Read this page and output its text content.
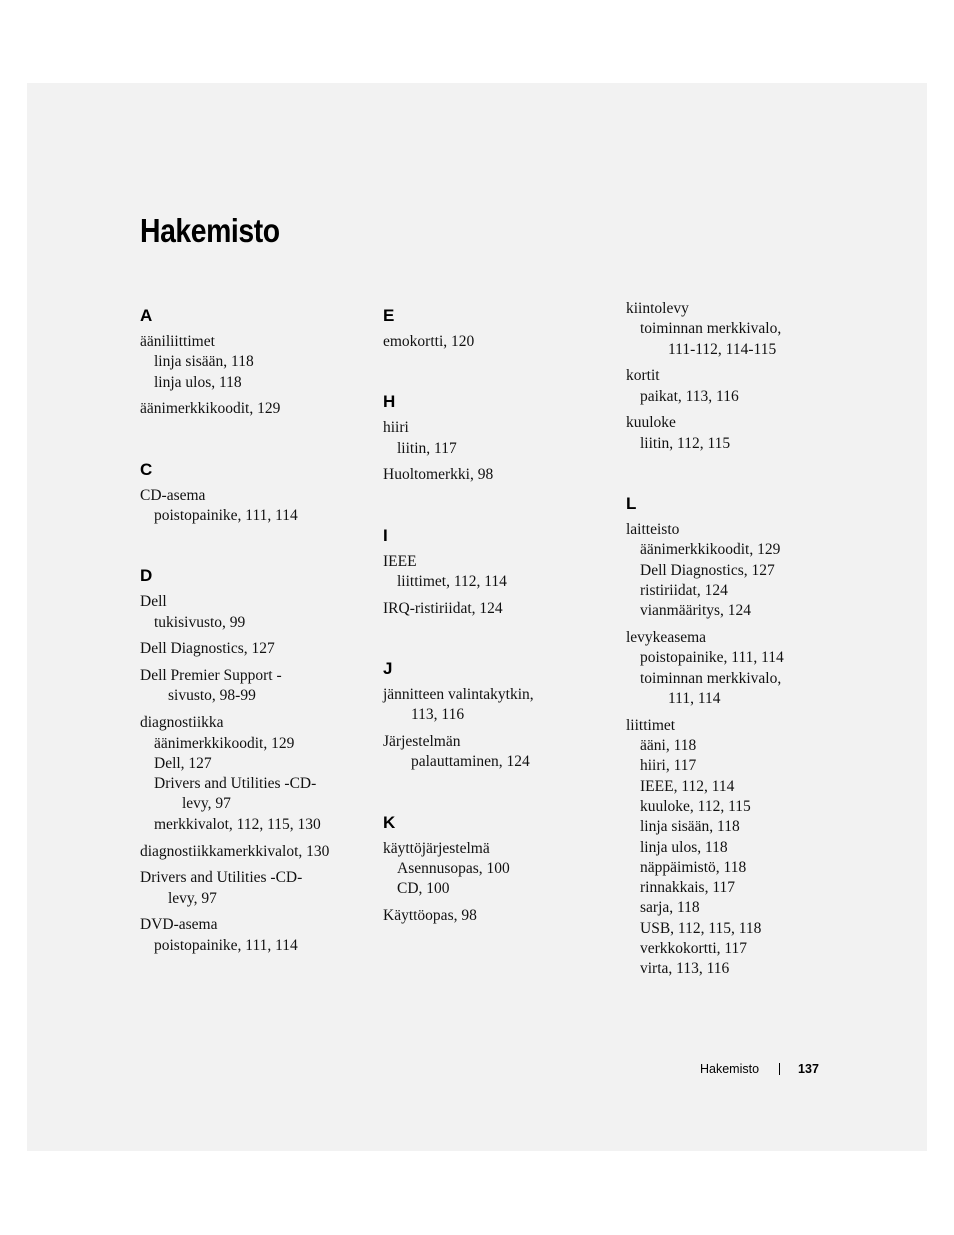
Hakemisto
A
ääniliittimet
linja sisään, 118
linja ulos, 118
äänimerkkikoodit, 129
C
CD-asema
poistopainike, 111, 114
D
Dell
tukisivusto, 99
Dell Diagnostics, 127
Dell Premier Support -
sivusto, 98-99
diagnostiikka
äänimerkkikoodit, 129
Dell, 127
Drivers and Utilities -CD-
levy, 97
merkkivalot, 112, 115, 130
diagnostiikkamerkkivalot, 130
Drivers and Utilities -CD-
levy, 97
DVD-asema
poistopainike, 111, 114
E
emokortti, 120
H
hiiri
liitin, 117
Huoltomerkki, 98
I
IEEE
liittimet, 112, 114
IRQ-ristiriidat, 124
J
jännitteen valintakytkin,
113, 116
Järjestelmän
palauttaminen, 124
K
käyttöjärjestelmä
Asennusopas, 100
CD, 100
Käyttöopas, 98
kiintolevy
toiminnan merkkivalo,
111-112, 114-115
kortit
paikat, 113, 116
kuuloke
liitin, 112, 115
L
laitteisto
äänimerkkikoodit, 129
Dell Diagnostics, 127
ristiriidat, 124
vianmääritys, 124
levykeasema
poistopainike, 111, 114
toiminnan merkkivalo,
111, 114
liittimet
ääni, 118
hiiri, 117
IEEE, 112, 114
kuuloke, 112, 115
linja sisään, 118
linja ulos, 118
näppäimistö, 118
rinnakkais, 117
sarja, 118
USB, 112, 115, 118
verkkokortti, 117
virta, 113, 116
Hakemisto	137
